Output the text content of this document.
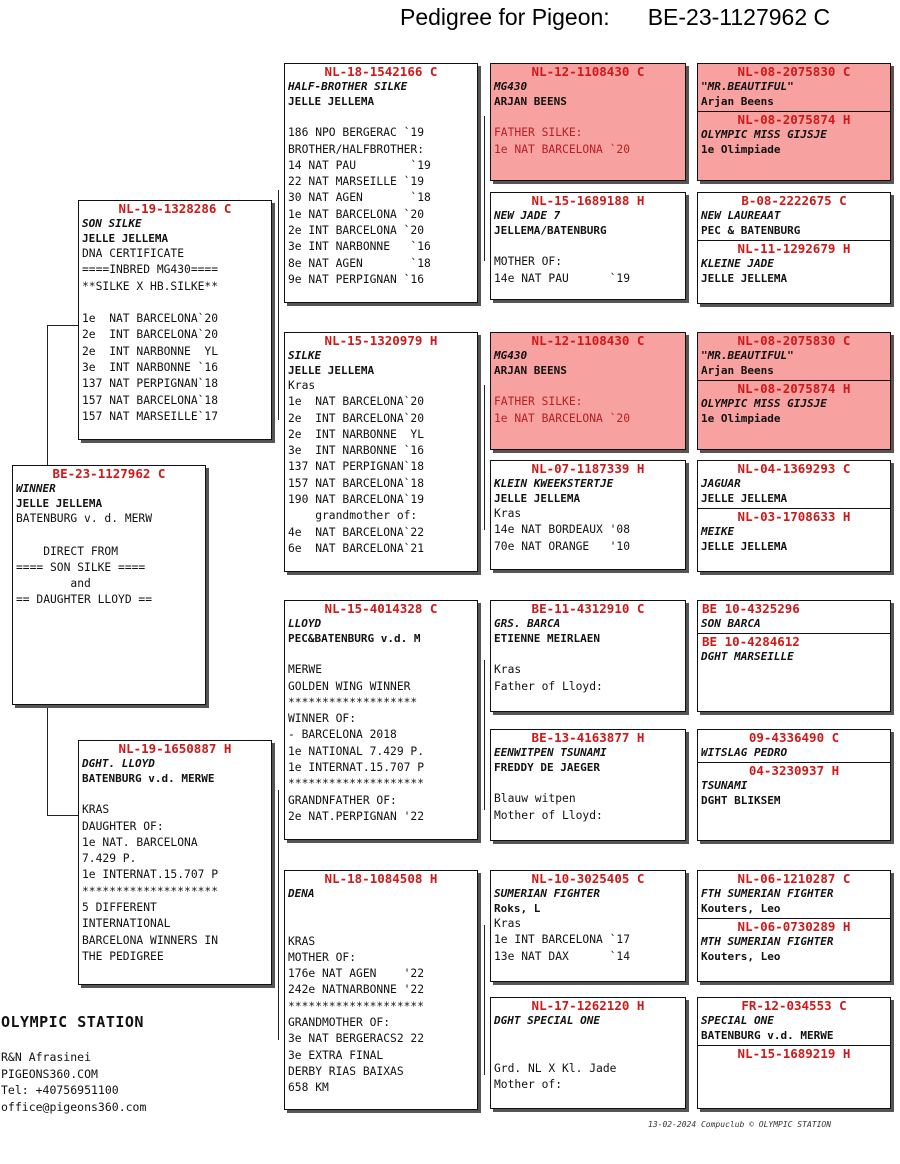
Pedigree for Pigeon: BE-23-1127962 C
BE-23-1127962 C
WINNER
JELLE JELLEMA
BATENBURG v. d. MERW

DIRECT FROM
==== SON SILKE ====
and
== DAUGHTER LLOYD ==
NL-19-1328286 C
SON SILKE
JELLE JELLEMA
DNA CERTIFICATE
====INBRED MG430====
**SILKE X HB.SILKE**

1e  NAT BARCELONA`20
2e  INT BARCELONA`20
2e  INT NARBONNE  YL
3e  INT NARBONNE `16
137 NAT PERPIGNAN`18
157 NAT BARCELONA`18
157 NAT MARSEILLE`17
NL-19-1650887 H
DGHT. LLOYD
BATENBURG v.d. MERWE

KRAS
DAUGHTER OF:
1e NAT. BARCELONA
7.429 P.
1e INTERNAT.15.707 P
********************
5 DIFFERENT
INTERNATIONAL
BARCELONA WINNERS IN
THE PEDIGREE
NL-18-1542166 C
HALF-BROTHER SILKE
JELLE JELLEMA

186 NPO BERGERAC `19
BROTHER/HALFBROTHER:
14 NAT PAU        `19
22 NAT MARSEILLE `19
30 NAT AGEN       `18
1e NAT BARCELONA `20
2e INT BARCELONA `20
3e INT NARBONNE   `16
8e NAT AGEN       `18
9e NAT PERPIGNAN `16
NL-15-1320979 H
SILKE
JELLE JELLEMA
Kras
1e  NAT BARCELONA`20
2e  INT BARCELONA`20
2e  INT NARBONNE  YL
3e  INT NARBONNE `16
137 NAT PERPIGNAN`18
157 NAT BARCELONA`18
190 NAT BARCELONA`19
grandmother of:
4e  NAT BARCELONA`22
6e  NAT BARCELONA`21
NL-15-4014328 C
LLOYD
PEC&BATENBURG v.d. M

MERWE
GOLDEN WING WINNER
*******************
WINNER OF:
- BARCELONA 2018
1e NATIONAL 7.429 P.
1e INTERNAT.15.707 P
********************
GRANDNFATHER OF:
2e NAT.PERPIGNAN '22
NL-18-1084508 H
DENA

KRAS
MOTHER OF:
176e NAT AGEN    '22
242e NATNARBONNE '22
********************
GRANDMOTHER OF:
3e NAT BERGERACS2 22
3e EXTRA FINAL
DERBY RIAS BAIXAS
658 KM
NL-12-1108430 C
MG430
ARJAN BEENS

FATHER SILKE:
1e NAT BARCELONA `20
NL-15-1689188 H
NEW JADE 7
JELLEMA/BATENBURG

MOTHER OF:
14e NAT PAU      `19
NL-12-1108430 C
MG430
ARJAN BEENS

FATHER SILKE:
1e NAT BARCELONA `20
NL-07-1187339 H
KLEIN KWEEKSTERTJE
JELLE JELLEMA
Kras
14e NAT BORDEAUX '08
70e NAT ORANGE   '10
BE-11-4312910 C
GRS. BARCA
ETIENNE MEIRLAEN

Kras
Father of Lloyd:
BE-13-4163877 H
EENWITPEN TSUNAMI
FREDDY DE JAEGER

Blauw witpen
Mother of Lloyd:
NL-10-3025405 C
SUMERIAN FIGHTER
Roks, L
Kras
1e INT BARCELONA `17
13e NAT DAX      `14
NL-17-1262120 H
DGHT SPECIAL ONE

Grd. NL X Kl. Jade
Mother of:
NL-08-2075830 C
"MR.BEAUTIFUL"
Arjan Beens
NL-08-2075874 H
OLYMPIC MISS GIJSJE
1e Olimpiade
B-08-2222675 C
NEW LAUREAAT
PEC & BATENBURG
NL-11-1292679 H
KLEINE JADE
JELLE JELLEMA
NL-08-2075830 C
"MR.BEAUTIFUL"
Arjan Beens
NL-08-2075874 H
OLYMPIC MISS GIJSJE
1e Olimpiade
NL-04-1369293 C
JAGUAR
JELLE JELLEMA
NL-03-1708633 H
MEIKE
JELLE JELLEMA
BE 10-4325296
SON BARCA
BE 10-4284612
DGHT MARSEILLE
09-4336490 C
WITSLAG PEDRO
04-3230937 H
TSUNAMI
DGHT BLIKSEM
NL-06-1210287 C
FTH SUMERIAN FIGHTER
Kouters, Leo
NL-06-0730289 H
MTH SUMERIAN FIGHTER
Kouters, Leo
FR-12-034553 C
SPECIAL ONE
BATENBURG v.d. MERWE
NL-15-1689219 H
OLYMPIC STATION
R&N Afrasinei
PIGEONS360.COM
Tel: +40756951100
office@pigeons360.com
13-02-2024 Compuclub © OLYMPIC STATION
